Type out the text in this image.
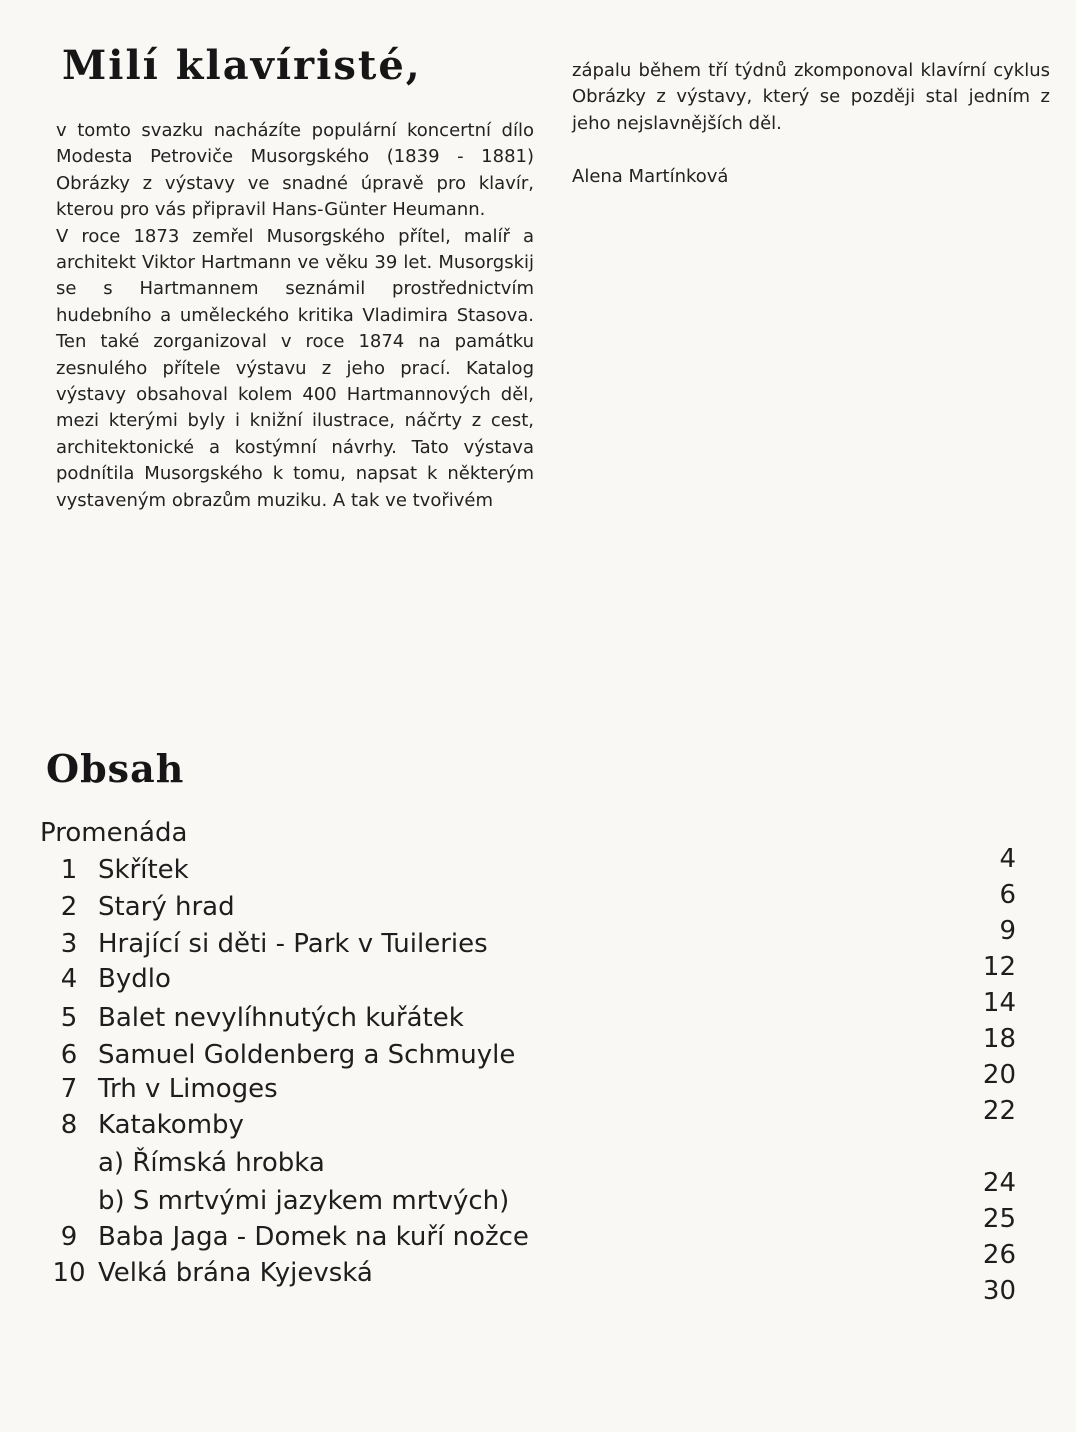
Milí klavíristé,

v tomto svazku nacházíte populární koncertní dílo Modesta Petroviče Musorgského (1839 - 1881) Obrázky z výstavy ve snadné úpravě pro klavír, kterou pro vás připravil Hans-Günter Heumann.

V roce 1873 zemřel Musorgského přítel, malíř a architekt Viktor Hartmann ve věku 39 let. Musorgskij se s Hartmannem seznámil prostřednictvím hudebního a uměleckého kritika Vladimira Stasova. Ten také zorganizoval v roce 1874 na památku zesnulého přítele výstavu z jeho prací. Katalog výstavy obsahoval kolem 400 Hartmannových děl, mezi kterými byly i knižní ilustrace, náčrty z cest, architektonické a kostýmní návrhy. Tato výstava podnítila Musorgského k tomu, napsat k některým vystaveným obrazům muziku. A tak ve tvořivém

zápalu během tří týdnů zkomponoval klavírní cyklus Obrázky z výstavy, který se později stal jedním z jeho nejslavnějších děl.

Alena Martínková

Obsah
Promenáda
1 Skřítek
2 Starý hrad
3 Hrající si děti - Park v Tuileries
4 Bydlo
5 Balet nevylíhnutých kuřátek
6 Samuel Goldenberg a Schmuyle
7 Trh v Limoges
8 Katakomby
a) Římská hrobka
b) S mrtvými jazykem mrtvých)
9 Baba Jaga - Domek na kuří nožce
10 Velká brána Kyjevská
4
6
9
12
14
18
20
22
24
25
26
30
